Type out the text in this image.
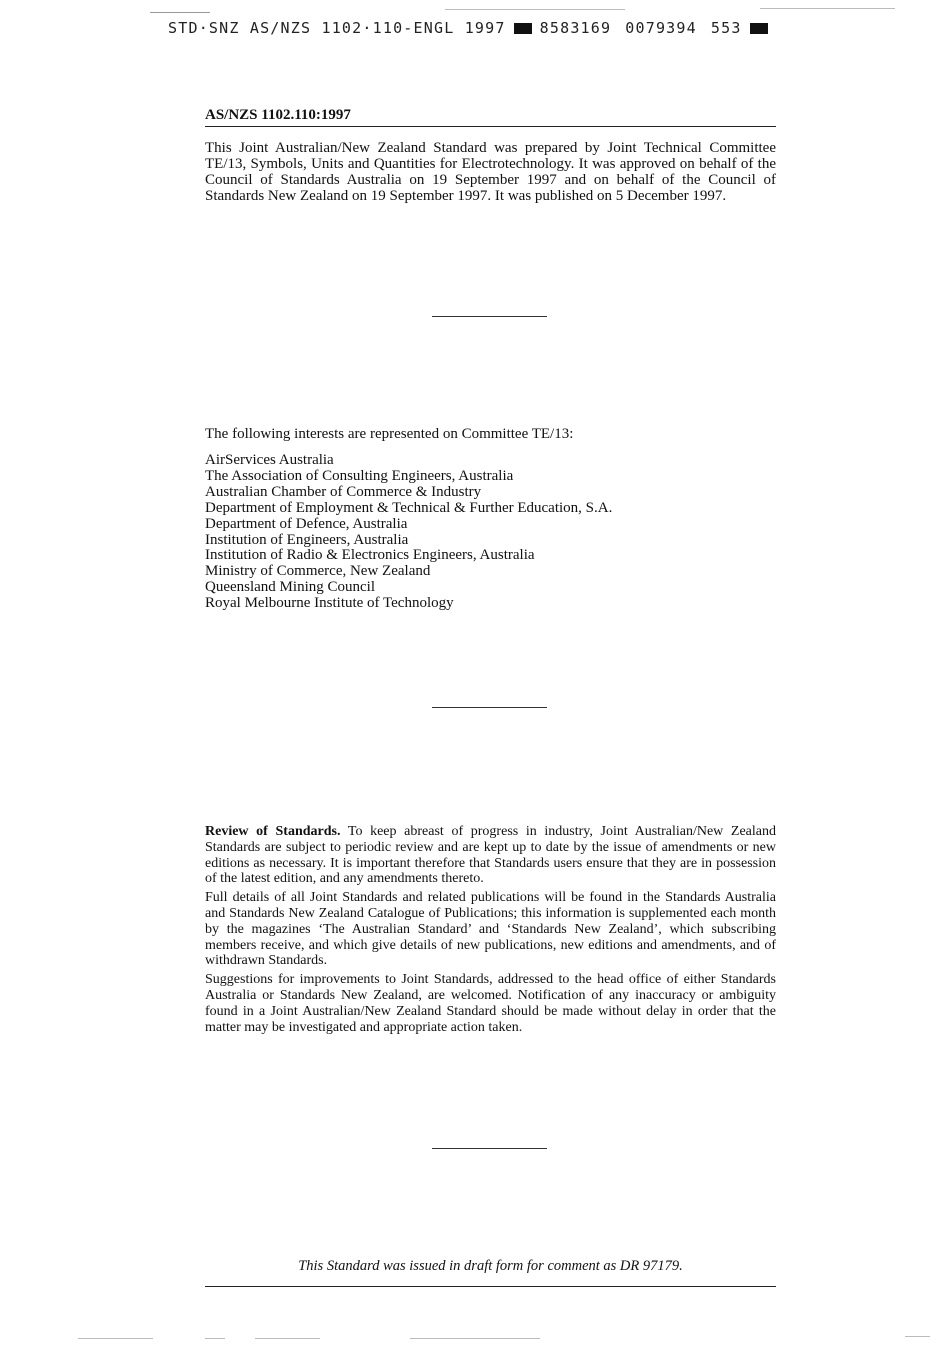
STD·SNZ AS/NZS 1102·110-ENGL 1997 8583169 0079394 553
AS/NZS 1102.110:1997
This Joint Australian/New Zealand Standard was prepared by Joint Technical Committee TE/13, Symbols, Units and Quantities for Electrotechnology. It was approved on behalf of the Council of Standards Australia on 19 September 1997 and on behalf of the Council of Standards New Zealand on 19 September 1997. It was published on 5 December 1997.
The following interests are represented on Committee TE/13:
AirServices Australia
The Association of Consulting Engineers, Australia
Australian Chamber of Commerce & Industry
Department of Employment & Technical & Further Education, S.A.
Department of Defence, Australia
Institution of Engineers, Australia
Institution of Radio & Electronics Engineers, Australia
Ministry of Commerce, New Zealand
Queensland Mining Council
Royal Melbourne Institute of Technology

Review of Standards. To keep abreast of progress in industry, Joint Australian/New Zealand Standards are subject to periodic review and are kept up to date by the issue of amendments or new editions as necessary. It is important therefore that Standards users ensure that they are in possession of the latest edition, and any amendments thereto.

Full details of all Joint Standards and related publications will be found in the Standards Australia and Standards New Zealand Catalogue of Publications; this information is supplemented each month by the magazines ‘The Australian Standard’ and ‘Standards New Zealand’, which subscribing members receive, and which give details of new publications, new editions and amendments, and of withdrawn Standards.

Suggestions for improvements to Joint Standards, addressed to the head office of either Standards Australia or Standards New Zealand, are welcomed. Notification of any inaccuracy or ambiguity found in a Joint Australian/New Zealand Standard should be made without delay in order that the matter may be investigated and appropriate action taken.

This Standard was issued in draft form for comment as DR 97179.
